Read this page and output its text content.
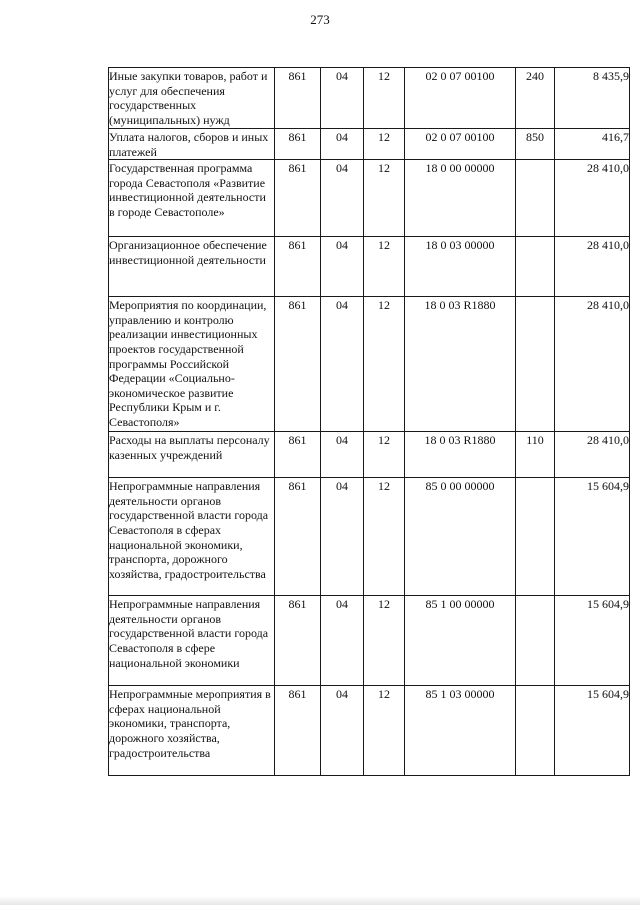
273
Иные закупки товаров, работ и услуг для обеспечения государственных (муниципальных) нужд	861	04	12	02 0 07 00100	240	8 435,9
Уплата налогов, сборов и иных платежей	861	04	12	02 0 07 00100	850	416,7
Государственная программа города Севастополя «Развитие инвестиционной деятельности в городе Севастополе»	861	04	12	18 0 00 00000		28 410,0
Организационное обеспечение инвестиционной деятельности	861	04	12	18 0 03 00000		28 410,0
Мероприятия по координации, управлению и контролю реализации инвестиционных проектов государственной программы Российской Федерации «Социально-экономическое развитие Республики Крым и г. Севастополя»	861	04	12	18 0 03 R1880		28 410,0
Расходы на выплаты персоналу казенных учреждений	861	04	12	18 0 03 R1880	110	28 410,0
Непрограммные направления деятельности органов государственной власти города Севастополя в сферах национальной экономики, транспорта, дорожного хозяйства, градостроительства	861	04	12	85 0 00 00000		15 604,9
Непрограммные направления деятельности органов государственной власти города Севастополя в сфере национальной экономики	861	04	12	85 1 00 00000		15 604,9
Непрограммные мероприятия в сферах национальной экономики, транспорта, дорожного хозяйства, градостроительства	861	04	12	85 1 03 00000		15 604,9
